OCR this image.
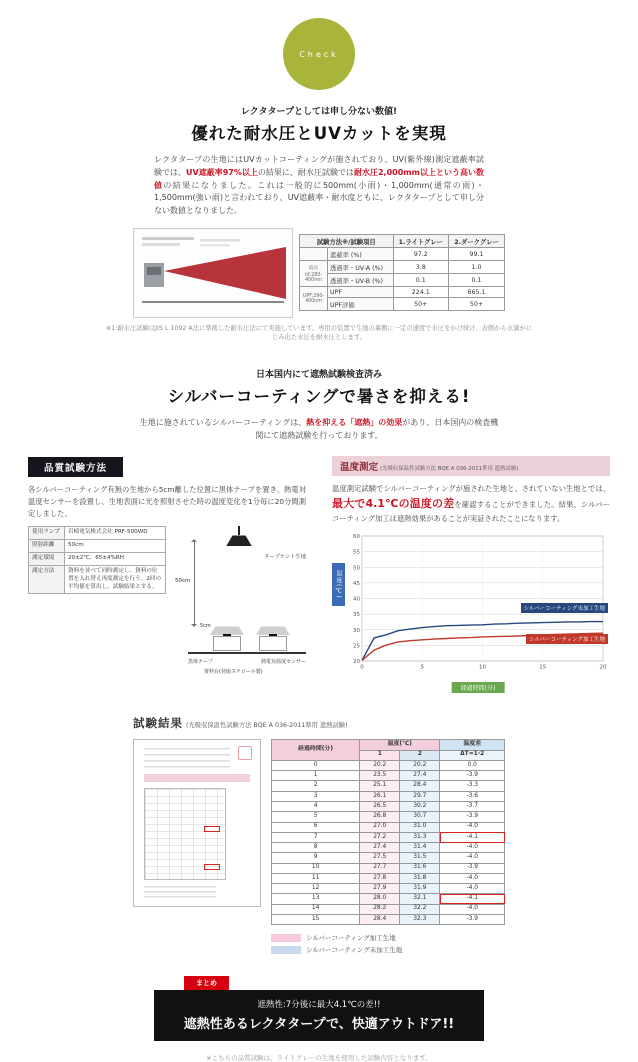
Check
レクタタープとしては申し分ない数値!
優れた耐水圧とUVカットを実現

レクタタープの生地にはUVカットコーティングが施されており、UV(紫外線)測定遮蔽率試験では、UV遮蔽率97%以上の結果に、耐水圧試験では耐水圧2,000mm以上という高い数値の結果になりました。これは一般的に500mm(小雨)・1,000mm(通常の雨)・1,500mm(強い雨)と言われており、UV遮蔽率・耐水度ともに、レクタタープとして申し分ない数値となりました。

試験方法※/試験項目		1.ライトグレー	2.ダークグレー
	遮蔽率 (%)	97.2	99.1
波長域:280-400nm	透過率・UV-A (%)	3.8	1.0
	透過率・UV-B (%)	0.1	0.1
UPF:290-400nm	UPF	224.1	665.1
	UPF評価	50+	50+

※1:耐水圧試験はJIS L 1092 A法に準拠した耐水圧法にて実施しています。専用の装置で生地の裏側に一定の速度で水圧をかけ続け、表側から水滴がにじみ出た水圧を耐水圧とします。

日本国内にて遮熱試験検査済み
シルバーコーティングで暑さを抑える!

生地に施されているシルバーコーティングは、熱を抑える「遮熱」の効果があり、日本国内の検査機関にて遮熱試験を行っております。

品質試験方法

各シルバーコーティング有無の生地から5cm離した位置に黒体テープを置き、熱電対温度センサーを設置し、生地表面に光を照射させた時の温度変化を1分毎に20分間測定しました。

使用ランプ	岩崎電気株式会社 PRF-500WD
照射距離	50cm
測定環境	20±2℃、65±4%RH
測定方法	資料を並べて同時測定し、資料の位置を入れ替え再度測定を行う。2回の平均値を算出し、試験結果とする。
50cm
タープテント生地
5cm
黒体テープ	熱電対温度センサー
資料台(発砲スチロール製)
温度測定 (光吸収保温性試験方法 BQE A 036-2011準用 遮熱試験)

温度測定試験でシルバーコーティングが施された生地と、されていない生地とでは、最大で4.1℃の温度の差を確認することができました。結果、シルバーコーティング加工は遮熱効果があることが実証されたことになります。

温度(℃)
20
25
30
35
40
45
50
55
60
0	5	10	15	20
経過時間(分)
シルバーコーティング未加工生地
シルバーコーティング加工生地
試験結果 (光吸収保温性試験方法 BQE A 036-2011準用 遮熱試験)
経過時間(分)	温度(℃)		温度差
	1	2	ΔT=1-2
0	20.2	20.2	0.0
1	23.5	27.4	-3.9
2	25.1	28.4	-3.3
3	26.1	29.7	-3.6
4	26.5	30.2	-3.7
5	26.8	30.7	-3.9
6	27.0	31.0	-4.0
7	27.2	31.3	-4.1
8	27.4	31.4	-4.0
9	27.5	31.5	-4.0
10	27.7	31.6	-3.9
11	27.8	31.8	-4.0
12	27.9	31.9	-4.0
13	28.0	32.1	-4.1
14	28.2	32.2	-4.0
15	28.4	32.3	-3.9
シルバーコーティング加工生地
シルバーコーティング未加工生地
まとめ
遮熱性:7分後に最大4.1℃の差!!
遮熱性あるレクタタープで、快適アウトドア!!

※こちらの品質試験は、ライトグレーの生地を使用した試験内容となります。
